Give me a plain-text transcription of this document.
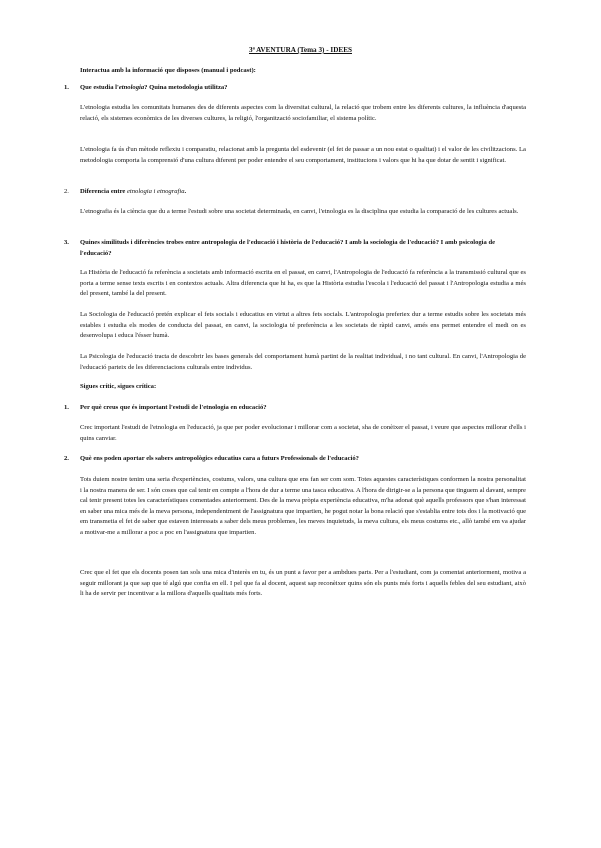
3ª AVENTURA (Tema 3) - IDEES
Interactua amb la informació que disposes (manual i podcast):
1. Que estudia l'etnologia? Quina metodologia utilitza?
L'etnologia estudia les comunitats humanes des de diferents aspectes com la diversitat cultural, la relació que trobem entre les diferents cultures, la influència d'aquesta relació, els sistemes econòmics de les diverses cultures, la religió, l'organització sociofamiliar, el sistema polític.
L'etnologia fa ús d'un mètode reflexiu i comparatiu, relacionat amb la pregunta del esdevenir (el fet de passar a un nou estat o qualitat) i el valor de les civilitzacions. La metodologia comporta la comprensió d'una cultura diferent per poder entendre el seu comportament, institucions i valors que hi ha que dotar de sentit i significat.
2. Diferencia entre etnologia i etnografia.
L'etnografia és la ciència que du a terme l'estudi sobre una societat determinada, en canvi, l'etnologia es la disciplina que estudia la comparació de les cultures actuals.
3. Quines similituds i diferències trobes entre antropologia de l'educació i història de l'educació? I amb la sociologia de l'educació? I amb psicologia de l'educació?
La Història de l'educació fa referència a societats amb informació escrita en el passat, en canvi, l'Antropologia de l'educació fa referència a la transmissió cultural que es porta a terme sense texts escrits i en contextos actuals. Altra diferencia que hi ha, es que la Història estudia l'escola i l'educació del passat i l'Antropologia estudia a més del present, també la del present.
La Sociologia de l'educació pretén explicar el fets socials i educatius en virtut a altres fets socials. L'antropologia preferiex dur a terme estudis sobre les societats més estables i estudia els modes de conducta del passat, en canvi, la sociologia té preferència a les societats de ràpid canvi, amés ens permet entendre el medi on es desenvolupa i educa l'ésser humà.
La Psicologia de l'educació tracta de descobrir les bases generals del comportament humà partint de la realitat individual, i no tant cultural. En canvi, l'Antropologia de l'educació parteix de les diferenciacions culturals entre individus.
Sigues crític, sigues crítica:
1. Per què creus que és important l'estudi de l'etnologia en educació?
Crec important l'estudi de l'etnologia en l'educació, ja que per poder evolucionar i millorar com a societat, sha de conèixer el passat, i veure que aspectes millorar d'ells i quins canviar.
2. Què ens poden aportar els sabers antropològics educatius cara a futurs Professionals de l'educació?
Tots duiem nostre tenim una seria d'experiències, costums, valors, una cultura que ens fan ser com som. Totes aquestes característiques conformen la nostra personalitat i la nostra manera de ser. I són coses que cal tenir en compte a l'hora de dur a terme una tasca educativa. A l'hora de dirigir-se a la persona que tinguem al davant, sempre cal tenir present totes les característiques comentades anteriorment. Des de la meva pròpia experiència educativa, m'ha adonat què aquells professors que s'han interessat en saber una mica més de la meva persona, independentment de l'assignatura que impartien, he pogut notar la bona relació que s'establia entre tots dos i la motivació que em transmetia el fet de saber que estaven interessats a saber dels meus problemes, les meves inquietuds, la meva cultura, els meus costums etc., allò també em va ajudar a motivar-me a millorar a poc a poc en l'assignatura que impartien.
Crec que el fet que els docents posen tan sols una mica d'interès en tu, és un punt a favor per a ambdues parts. Per a l'estudiant, com ja comentat anteriorment, motiva a seguir millorant ja que sap que té algú que confia en ell. I pel que fa al docent, aquest sap reconèixer quins són els punts més forts i aquells febles del seu estudiant, això li ha de servir per incentivar a la millora d'aquells qualitats més forts.
